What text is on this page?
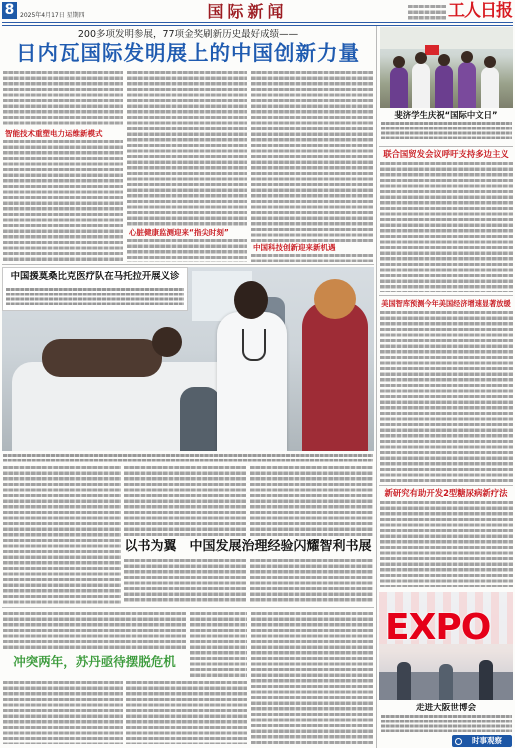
8 2025年4月17日 星期四	国际新闻	工人日报
200多项发明参展，77项金奖刷新历史最好成绩——
日内瓦国际发明展上的中国创新力量
智能技术重塑电力运维新模式
心脏健康监测迎来“指尖时刻”
中国科技创新迎来新机遇
中国援莫桑比克医疗队在马托拉开展义诊
以书为翼　中国发展治理经验闪耀智利书展
冲突两年，苏丹亟待摆脱危机
斐济学生庆祝“国际中文日”
联合国贸发会议呼吁支持多边主义
美国智库预测今年美国经济增速显著放缓
新研究有助开发2型糖尿病新疗法
EXPO
走进大阪世博会
时事观察
